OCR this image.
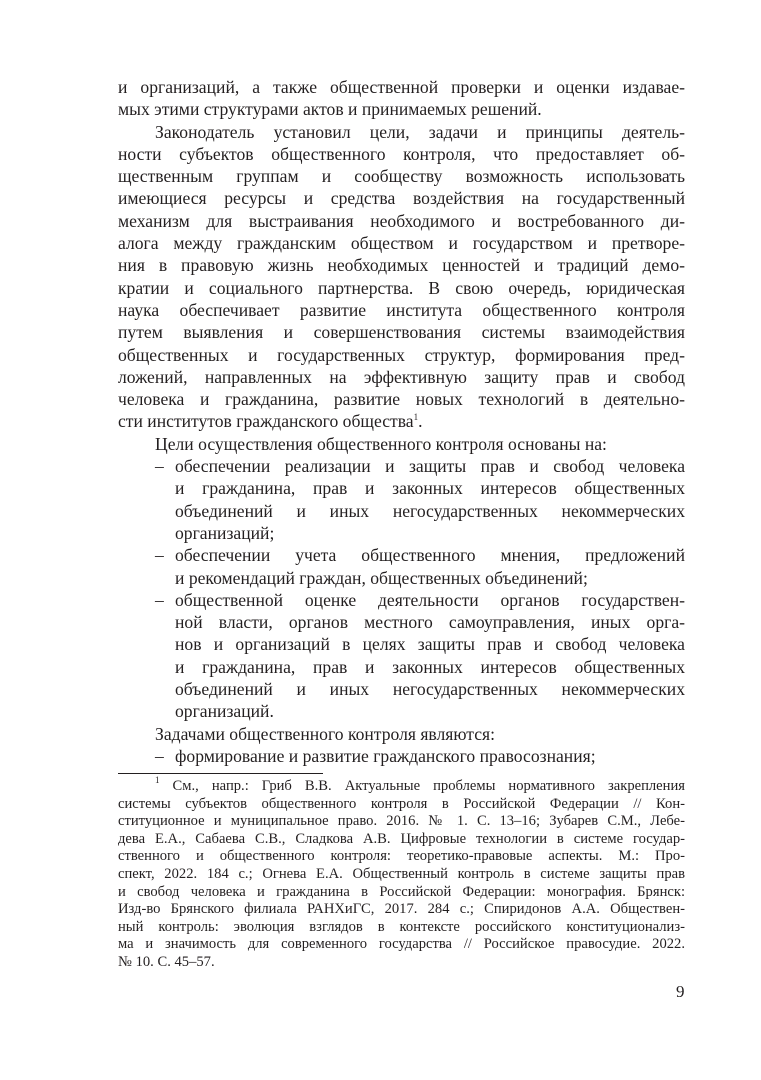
и организаций, а также общественной проверки и оценки издавае-
мых этими структурами актов и принимаемых решений.
Законодатель установил цели, задачи и принципы деятель-
ности субъектов общественного контроля, что предоставляет об-
щественным группам и сообществу возможность использовать
имеющиеся ресурсы и средства воздействия на государственный
механизм для выстраивания необходимого и востребованного ди-
алога между гражданским обществом и государством и претворе-
ния в правовую жизнь необходимых ценностей и традиций демо-
кратии и социального партнерства. В свою очередь, юридическая
наука обеспечивает развитие института общественного контроля
путем выявления и совершенствования системы взаимодействия
общественных и государственных структур, формирования пред-
ложений, направленных на эффективную защиту прав и свобод
человека и гражданина, развитие новых технологий в деятельно-
сти институтов гражданского общества$^1$.
Цели осуществления общественного контроля основаны на:
– обеспечении реализации и защиты прав и свобод человека
и гражданина, прав и законных интересов общественных
объединений и иных негосударственных некоммерческих
организаций;
– обеспечении учета общественного мнения, предложений
и рекомендаций граждан, общественных объединений;
– общественной оценке деятельности органов государствен-
ной власти, органов местного самоуправления, иных орга-
нов и организаций в целях защиты прав и свобод человека
и гражданина, прав и законных интересов общественных
объединений и иных негосударственных некоммерческих
организаций.
Задачами общественного контроля являются:
– формирование и развитие гражданского правосознания;
$^1$ См., напр.: Гриб В.В. Актуальные проблемы нормативного закрепления
системы субъектов общественного контроля в Российской Федерации // Кон-
ституционное и муниципальное право. 2016. № 1. С. 13–16; Зубарев С.М., Лебе-
дева Е.А., Сабаева С.В., Сладкова А.В. Цифровые технологии в системе государ-
ственного и общественного контроля: теоретико-правовые аспекты. М.: Про-
спект, 2022. 184 с.; Огнева Е.А. Общественный контроль в системе защиты прав
и свобод человека и гражданина в Российской Федерации: монография. Брянск:
Изд-во Брянского филиала РАНХиГС, 2017. 284 с.; Спиридонов А.А. Обществен-
ный контроль: эволюция взглядов в контексте российского конституционализ-
ма и значимость для современного государства // Российское правосудие. 2022.
№ 10. С. 45–57.
9
